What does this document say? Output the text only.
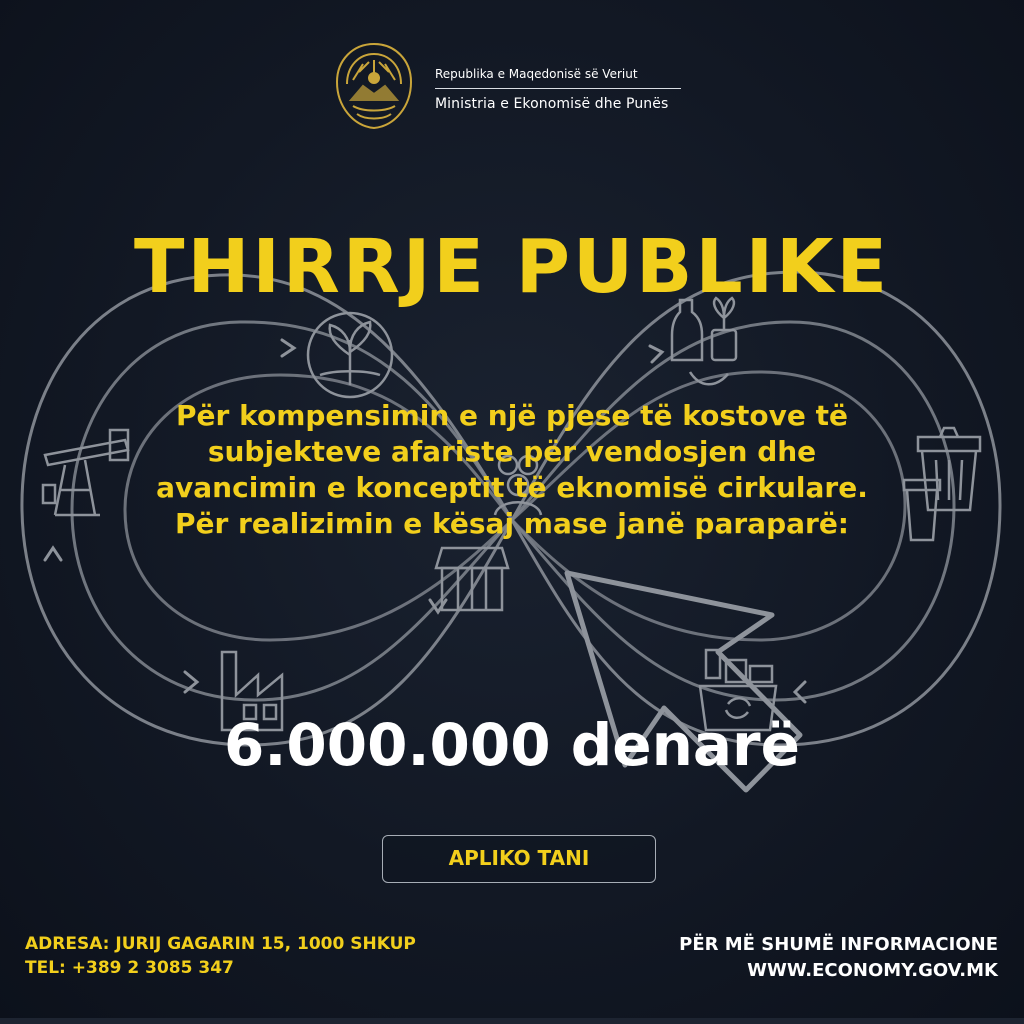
Republika e Maqedonisë së Veriut
Ministria e Ekonomisë dhe Punës
THIRRJE PUBLIKE
Për kompensimin e një pjese të kostove të
subjekteve afariste për vendosjen dhe
avancimin e konceptit të eknomisë cirkulare.
Për realizimin e kësaj mase janë paraparë:
6.000.000 denarë
APLIKO TANI
ADRESA: JURIJ GAGARIN 15, 1000 SHKUP
TEL: +389 2 3085 347
PËR MË SHUMË INFORMACIONE
WWW.ECONOMY.GOV.MK
